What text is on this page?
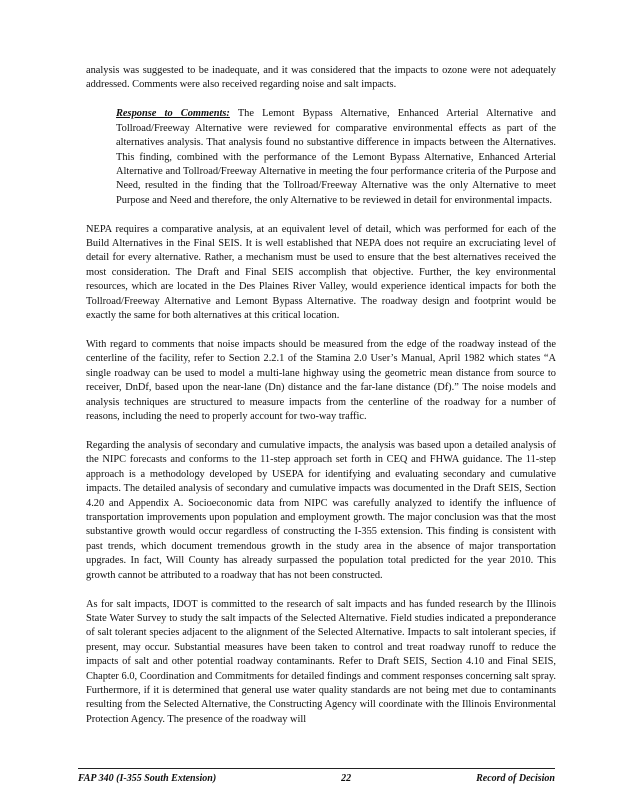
analysis was suggested to be inadequate, and it was considered that the impacts to ozone were not adequately addressed. Comments were also received regarding noise and salt impacts.

Response to Comments: The Lemont Bypass Alternative, Enhanced Arterial Alternative and Tollroad/Freeway Alternative were reviewed for comparative environmental effects as part of the alternatives analysis. That analysis found no substantive difference in impacts between the Alternatives. This finding, combined with the performance of the Lemont Bypass Alternative, Enhanced Arterial Alternative and Tollroad/Freeway Alternative in meeting the four performance criteria of the Purpose and Need, resulted in the finding that the Tollroad/Freeway Alternative was the only Alternative to meet Purpose and Need and therefore, the only Alternative to be reviewed in detail for environmental impacts.

NEPA requires a comparative analysis, at an equivalent level of detail, which was performed for each of the Build Alternatives in the Final SEIS. It is well established that NEPA does not require an excruciating level of detail for every alternative. Rather, a mechanism must be used to ensure that the best alternatives received the most consideration. The Draft and Final SEIS accomplish that objective. Further, the key environmental resources, which are located in the Des Plaines River Valley, would experience identical impacts for both the Tollroad/Freeway Alternative and Lemont Bypass Alternative. The roadway design and footprint would be exactly the same for both alternatives at this critical location.

With regard to comments that noise impacts should be measured from the edge of the roadway instead of the centerline of the facility, refer to Section 2.2.1 of the Stamina 2.0 User’s Manual, April 1982 which states “A single roadway can be used to model a multi-lane highway using the geometric mean distance from source to receiver, DnDf, based upon the near-lane (Dn) distance and the far-lane distance (Df).” The noise models and analysis techniques are structured to measure impacts from the centerline of the roadway for a number of reasons, including the need to properly account for two-way traffic.

Regarding the analysis of secondary and cumulative impacts, the analysis was based upon a detailed analysis of the NIPC forecasts and conforms to the 11-step approach set forth in CEQ and FHWA guidance. The 11-step approach is a methodology developed by USEPA for identifying and evaluating secondary and cumulative impacts. The detailed analysis of secondary and cumulative impacts was documented in the Draft SEIS, Section 4.20 and Appendix A. Socioeconomic data from NIPC was carefully analyzed to identify the influence of transportation improvements upon population and employment growth. The major conclusion was that the most substantive growth would occur regardless of constructing the I-355 extension. This finding is consistent with past trends, which document tremendous growth in the study area in the absence of major transportation upgrades. In fact, Will County has already surpassed the population total predicted for the year 2010. This growth cannot be attributed to a roadway that has not been constructed.

As for salt impacts, IDOT is committed to the research of salt impacts and has funded research by the Illinois State Water Survey to study the salt impacts of the Selected Alternative. Field studies indicated a preponderance of salt tolerant species adjacent to the alignment of the Selected Alternative. Impacts to salt intolerant species, if present, may occur. Substantial measures have been taken to control and treat roadway runoff to reduce the impacts of salt and other potential roadway contaminants. Refer to Draft SEIS, Section 4.10 and Final SEIS, Chapter 6.0, Coordination and Commitments for detailed findings and comment responses concerning salt spray. Furthermore, if it is determined that general use water quality standards are not being met due to contaminants resulting from the Selected Alternative, the Constructing Agency will coordinate with the Illinois Environmental Protection Agency. The presence of the roadway will

FAP 340 (I-355 South Extension)	22	Record of Decision
